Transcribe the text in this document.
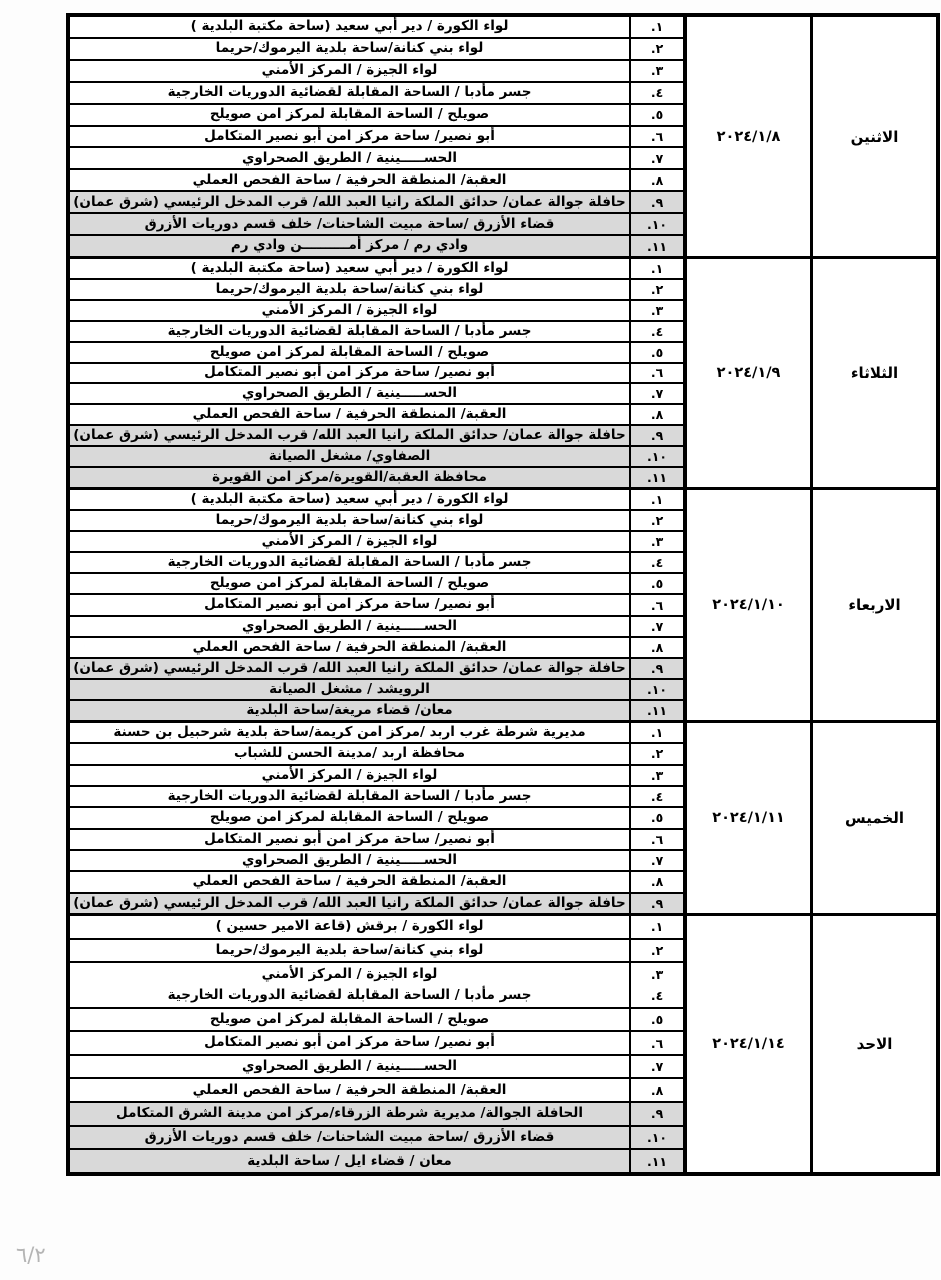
الاثنين
٢٠٢٤/١/٨
١.
لواء الكورة / دير أبي سعيد (ساحة مكتبة البلدية )
٢.
لواء بني كنانة/ساحة بلدية اليرموك/حريما
٣.
لواء الجيزة / المركز الأمني
٤.
جسر مأدبا / الساحة المقابلة لقضائية الدوريات الخارجية
٥.
صويلح / الساحة المقابلة لمركز امن صويلح
٦.
أبو نصير/ ساحة مركز امن أبو نصير المتكامل
٧.
الحســـــينية / الطريق الصحراوي
٨.
العقبة/ المنطقة الحرفية / ساحة الفحص العملي
٩.
حافلة جوالة عمان/ حدائق الملكة رانيا العبد الله/ قرب المدخل الرئيسي (شرق عمان)
١٠.
قضاء الأزرق /ساحة مبيت الشاحنات/ خلف قسم دوريات الأزرق
١١.
وادي رم / مركز أمــــــــــن وادي رم
الثلاثاء
٢٠٢٤/١/٩
١.
لواء الكورة / دير أبي سعيد (ساحة مكتبة البلدية )
٢.
لواء بني كنانة/ساحة بلدية اليرموك/حريما
٣.
لواء الجيزة / المركز الأمني
٤.
جسر مأدبا / الساحة المقابلة لقضائية الدوريات الخارجية
٥.
صويلح / الساحة المقابلة لمركز امن صويلح
٦.
أبو نصير/ ساحة مركز امن أبو نصير المتكامل
٧.
الحســـــينية / الطريق الصحراوي
٨.
العقبة/ المنطقة الحرفية / ساحة الفحص العملي
٩.
حافلة جوالة عمان/ حدائق الملكة رانيا العبد الله/ قرب المدخل الرئيسي (شرق عمان)
١٠.
الصفاوي/ مشغل الصيانة
١١.
محافظة العقبة/القويرة/مركز امن القويرة
الاربعاء
٢٠٢٤/١/١٠
١.
لواء الكورة / دير أبي سعيد (ساحة مكتبة البلدية )
٢.
لواء بني كنانة/ساحة بلدية اليرموك/حريما
٣.
لواء الجيزة / المركز الأمني
٤.
جسر مأدبا / الساحة المقابلة لقضائية الدوريات الخارجية
٥.
صويلح / الساحة المقابلة لمركز امن صويلح
٦.
أبو نصير/ ساحة مركز امن أبو نصير المتكامل
٧.
الحســـــينية / الطريق الصحراوي
٨.
العقبة/ المنطقة الحرفية / ساحة الفحص العملي
٩.
حافلة جوالة عمان/ حدائق الملكة رانيا العبد الله/ قرب المدخل الرئيسي (شرق عمان)
١٠.
الرويشد / مشغل الصيانة
١١.
معان/ قضاء مريغة/ساحة البلدية
الخميس
٢٠٢٤/١/١١
١.
مديرية شرطة غرب اربد /مركز امن كريمة/ساحة بلدية شرحبيل بن حسنة
٢.
محافظة اربد /مدينة الحسن للشباب
٣.
لواء الجيزة / المركز الأمني
٤.
جسر مأدبا / الساحة المقابلة لقضائية الدوريات الخارجية
٥.
صويلح / الساحة المقابلة لمركز امن صويلح
٦.
أبو نصير/ ساحة مركز امن أبو نصير المتكامل
٧.
الحســـــينية / الطريق الصحراوي
٨.
العقبة/ المنطقة الحرفية / ساحة الفحص العملي
٩.
حافلة جوالة عمان/ حدائق الملكة رانيا العبد الله/ قرب المدخل الرئيسي (شرق عمان)
الاحد
٢٠٢٤/١/١٤
١.
لواء الكورة / برقش (قاعة الامير حسين )
٢.
لواء بني كنانة/ساحة بلدية اليرموك/حريما
٣.
٤.
لواء الجيزة / المركز الأمني
جسر مأدبا / الساحة المقابلة لقضائية الدوريات الخارجية
٥.
صويلح / الساحة المقابلة لمركز امن صويلح
٦.
أبو نصير/ ساحة مركز امن أبو نصير المتكامل
٧.
الحســـــينية / الطريق الصحراوي
٨.
العقبة/ المنطقة الحرفية / ساحة الفحص العملي
٩.
الحافلة الجوالة/ مديرية شرطة الزرقاء/مركز امن مدينة الشرق المتكامل
١٠.
قضاء الأزرق /ساحة مبيت الشاحنات/ خلف قسم دوريات الأزرق
١١.
معان / قضاء ايل / ساحة البلدية
٦/٢
